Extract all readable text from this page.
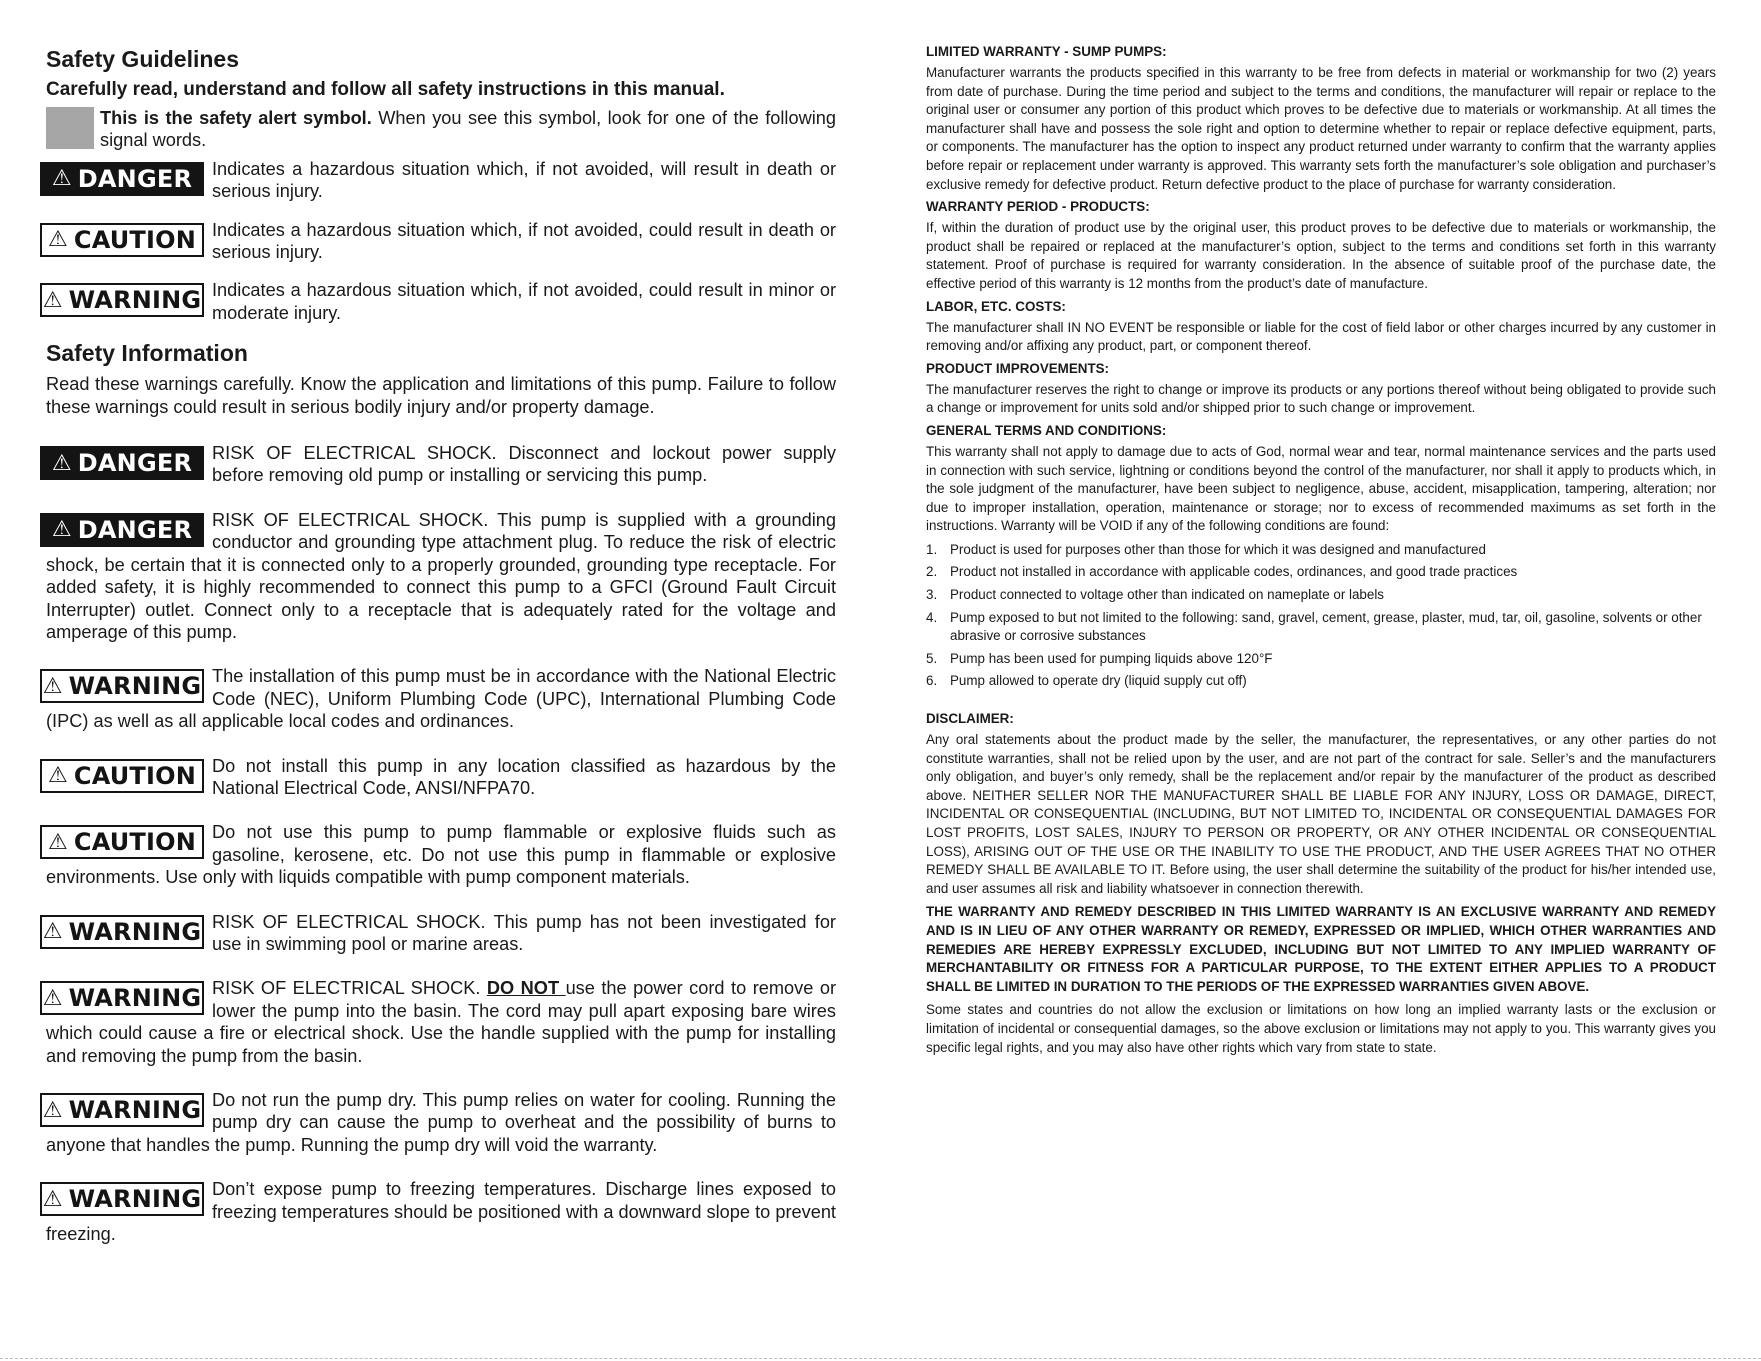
Safety Guidelines
Carefully read, understand and follow all safety instructions in this manual.

This is the safety alert symbol. When you see this symbol, look for one of the following signal words.

⚠ DANGER	Indicates a hazardous situation which, if not avoided, will result in death or serious injury.

⚠ CAUTION Indicates a hazardous situation which, if not avoided, could result in death or serious injury.

⚠ WARNING Indicates a hazardous situation which, if not avoided, could result in minor or moderate injury.

Safety Information

Read these warnings carefully. Know the application and limitations of this pump. Failure to follow these warnings could result in serious bodily injury and/or property damage.

⚠ DANGER	RISK OF ELECTRICAL SHOCK. Disconnect and lockout power supply before removing old pump or installing or servicing this pump.

⚠ DANGER	RISK OF ELECTRICAL SHOCK. This pump is supplied with a grounding conductor and grounding type attachment plug. To reduce the risk of electric shock, be certain that it is connected only to a properly grounded, grounding type receptacle. For added safety, it is highly recommended to connect this pump to a GFCI (Ground Fault Circuit Interrupter) outlet. Connect only to a receptacle that is adequately rated for the voltage and amperage of this pump.

⚠ WARNING The installation of this pump must be in accordance with the National Electric Code (NEC), Uniform Plumbing Code (UPC), International Plumbing Code (IPC) as well as all applicable local codes and ordinances.

⚠ CAUTION Do not install this pump in any location classified as hazardous by the National Electrical Code, ANSI/NFPA70.

⚠ CAUTION Do not use this pump to pump flammable or explosive fluids such as gasoline, kerosene, etc. Do not use this pump in flammable or explosive environments. Use only with liquids compatible with pump component materials.

⚠ WARNING RISK OF ELECTRICAL SHOCK. This pump has not been investigated for use in swimming pool or marine areas.

⚠ WARNING RISK OF ELECTRICAL SHOCK. DO NOT use the power cord to remove or lower the pump into the basin. The cord may pull apart exposing bare wires which could cause a fire or electrical shock. Use the handle supplied with the pump for installing and removing the pump from the basin.

⚠ WARNING Do not run the pump dry. This pump relies on water for cooling. Running the pump dry can cause the pump to overheat and the possibility of burns to anyone that handles the pump. Running the pump dry will void the warranty.

⚠ WARNING Don’t expose pump to freezing temperatures. Discharge lines exposed to freezing temperatures should be positioned with a downward slope to prevent freezing.

LIMITED WARRANTY - SUMP PUMPS:

Manufacturer warrants the products specified in this warranty to be free from defects in material or workmanship for two (2) years from date of purchase. During the time period and subject to the terms and conditions, the manufacturer will repair or replace to the original user or consumer any portion of this product which proves to be defective due to materials or workmanship. At all times the manufacturer shall have and possess the sole right and option to determine whether to repair or replace defective equipment, parts, or components. The manufacturer has the option to inspect any product returned under warranty to confirm that the warranty applies before repair or replacement under warranty is approved. This warranty sets forth the manufacturer’s sole obligation and purchaser’s exclusive remedy for defective product. Return defective product to the place of purchase for warranty consideration.

WARRANTY PERIOD - PRODUCTS:

If, within the duration of product use by the original user, this product proves to be defective due to materials or workmanship, the product shall be repaired or replaced at the manufacturer’s option, subject to the terms and conditions set forth in this warranty statement. Proof of purchase is required for warranty consideration. In the absence of suitable proof of the purchase date, the effective period of this warranty is 12 months from the product’s date of manufacture.

LABOR, ETC. COSTS:

The manufacturer shall IN NO EVENT be responsible or liable for the cost of field labor or other charges incurred by any customer in removing and/or affixing any product, part, or component thereof.

PRODUCT IMPROVEMENTS:

The manufacturer reserves the right to change or improve its products or any portions thereof without being obligated to provide such a change or improvement for units sold and/or shipped prior to such change or improvement.

GENERAL TERMS AND CONDITIONS:

This warranty shall not apply to damage due to acts of God, normal wear and tear, normal maintenance services and the parts used in connection with such service, lightning or conditions beyond the control of the manufacturer, nor shall it apply to products which, in the sole judgment of the manufacturer, have been subject to negligence, abuse, accident, misapplication, tampering, alteration; nor due to improper installation, operation, maintenance or storage; nor to excess of recommended maximums as set forth in the instructions. Warranty will be VOID if any of the following conditions are found:

1. Product is used for purposes other than those for which it was designed and manufactured
2. Product not installed in accordance with applicable codes, ordinances, and good trade practices
3. Product connected to voltage other than indicated on nameplate or labels
4. Pump exposed to but not limited to the following: sand, gravel, cement, grease, plaster, mud, tar, oil, gasoline, solvents or other abrasive or corrosive substances
5. Pump has been used for pumping liquids above 120°F
6. Pump allowed to operate dry (liquid supply cut off)
DISCLAIMER:

Any oral statements about the product made by the seller, the manufacturer, the representatives, or any other parties do not constitute warranties, shall not be relied upon by the user, and are not part of the contract for sale. Seller’s and the manufacturers only obligation, and buyer’s only remedy, shall be the replacement and/or repair by the manufacturer of the product as described above. NEITHER SELLER NOR THE MANUFACTURER SHALL BE LIABLE FOR ANY INJURY, LOSS OR DAMAGE, DIRECT, INCIDENTAL OR CONSEQUENTIAL (INCLUDING, BUT NOT LIMITED TO, INCIDENTAL OR CONSEQUENTIAL DAMAGES FOR LOST PROFITS, LOST SALES, INJURY TO PERSON OR PROPERTY, OR ANY OTHER INCIDENTAL OR CONSEQUENTIAL LOSS), ARISING OUT OF THE USE OR THE INABILITY TO USE THE PRODUCT, AND THE USER AGREES THAT NO OTHER REMEDY SHALL BE AVAILABLE TO IT. Before using, the user shall determine the suitability of the product for his/her intended use, and user assumes all risk and liability whatsoever in connection therewith.

THE WARRANTY AND REMEDY DESCRIBED IN THIS LIMITED WARRANTY IS AN EXCLUSIVE WARRANTY AND REMEDY AND IS IN LIEU OF ANY OTHER WARRANTY OR REMEDY, EXPRESSED OR IMPLIED, WHICH OTHER WARRANTIES AND REMEDIES ARE HEREBY EXPRESSLY EXCLUDED, INCLUDING BUT NOT LIMITED TO ANY IMPLIED WARRANTY OF MERCHANTABILITY OR FITNESS FOR A PARTICULAR PURPOSE, TO THE EXTENT EITHER APPLIES TO A PRODUCT SHALL BE LIMITED IN DURATION TO THE PERIODS OF THE EXPRESSED WARRANTIES GIVEN ABOVE.

Some states and countries do not allow the exclusion or limitations on how long an implied warranty lasts or the exclusion or limitation of incidental or consequential damages, so the above exclusion or limitations may not apply to you. This warranty gives you specific legal rights, and you may also have other rights which vary from state to state.
